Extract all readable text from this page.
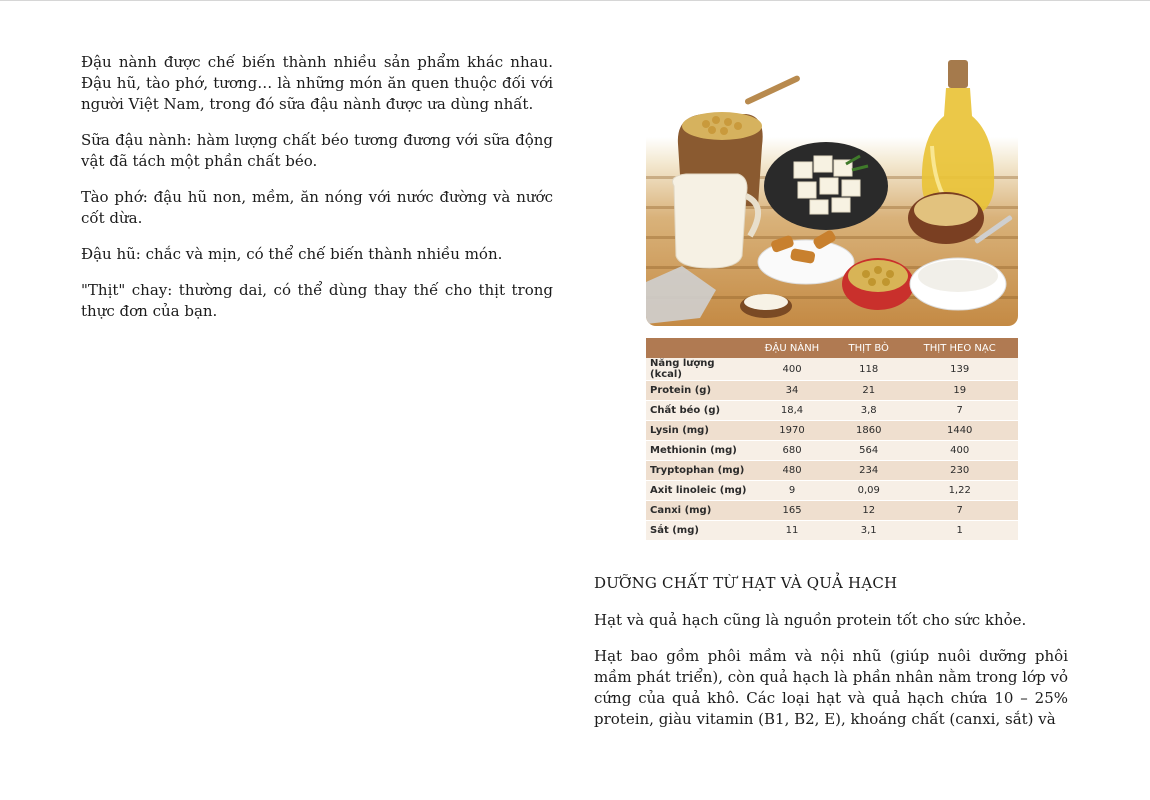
Đậu nành được chế biến thành nhiều sản phẩm khác nhau. Đậu hũ, tào phớ, tương… là những món ăn quen thuộc đối với người Việt Nam, trong đó sữa đậu nành được ưa dùng nhất.

Sữa đậu nành: hàm lượng chất béo tương đương với sữa động vật đã tách một phần chất béo.

Tào phớ: đậu hũ non, mềm, ăn nóng với nước đường và nước cốt dừa.

Đậu hũ: chắc và mịn, có thể chế biến thành nhiều món.

"Thịt" chay: thường dai, có thể dùng thay thế cho thịt trong thực đơn của bạn.

	ĐẬU NÀNH	THỊT BÒ	THỊT HEO NẠC
Năng lượng (kcal)	400	118	139
Protein (g)	34	21	19
Chất béo (g)	18,4	3,8	7
Lysin (mg)	1970	1860	1440
Methionin (mg)	680	564	400
Tryptophan (mg)	480	234	230
Axit linoleic (mg)	9	0,09	1,22
Canxi (mg)	165	12	7
Sắt (mg)	11	3,1	1
DƯỠNG CHẤT TỪ HẠT VÀ QUẢ HẠCH

Hạt và quả hạch cũng là nguồn protein tốt cho sức khỏe.

Hạt bao gồm phôi mầm và nội nhũ (giúp nuôi dưỡng phôi mầm phát triển), còn quả hạch là phần nhân nằm trong lớp vỏ cứng của quả khô. Các loại hạt và quả hạch chứa 10 – 25% protein, giàu vitamin (B1, B2, E), khoáng chất (canxi, sắt) và
